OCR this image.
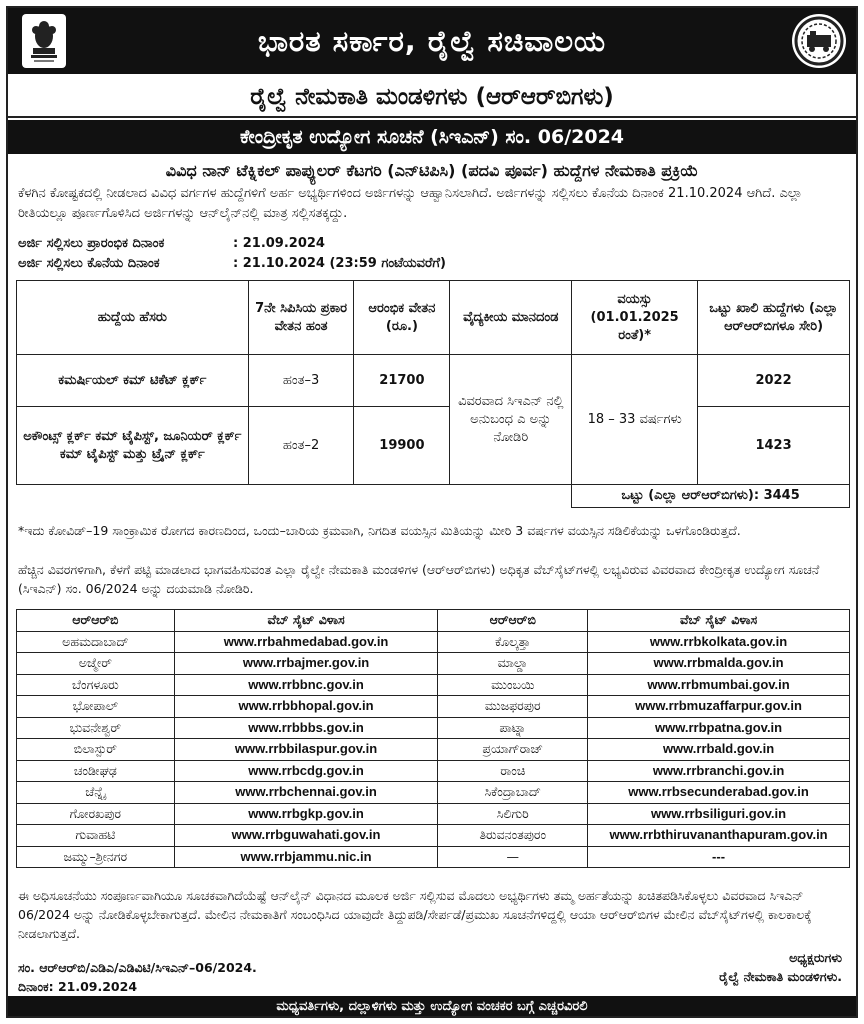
ಭಾರತ ಸರ್ಕಾರ, ರೈಲ್ವೆ ಸಚಿವಾಲಯ
ರೈಲ್ವೆ ನೇಮಕಾತಿ ಮಂಡಳಿಗಳು (ಆರ್‌ಆರ್‌ಬಿಗಳು)
ಕೇಂದ್ರೀಕೃತ ಉದ್ಯೋಗ ಸೂಚನೆ (ಸಿಇಎನ್) ಸಂ. 06/2024
ವಿವಿಧ ನಾನ್ ಟೆಕ್ನಿಕಲ್ ಪಾಪ್ಯುಲರ್ ಕೆಟಗರಿ (ಎನ್‌ಟಿಪಿಸಿ) (ಪದವಿ ಪೂರ್ವ) ಹುದ್ದೆಗಳ ನೇಮಕಾತಿ ಪ್ರಕ್ರಿಯೆ
ಕೆಳಗಿನ ಕೋಷ್ಟಕದಲ್ಲಿ ನೀಡಲಾದ ವಿವಿಧ ವರ್ಗಗಳ ಹುದ್ದೆಗಳಿಗೆ ಅರ್ಹ ಅಭ್ಯರ್ಥಿಗಳಿಂದ ಅರ್ಜಿಗಳನ್ನು ಆಹ್ವಾನಿಸಲಾಗಿದೆ. ಅರ್ಜಿಗಳನ್ನು ಸಲ್ಲಿಸಲು ಕೊನೆಯ ದಿನಾಂಕ 21.10.2024 ಆಗಿದೆ. ಎಲ್ಲಾ ರೀತಿಯಲ್ಲೂ ಪೂರ್ಣಗೊಳಿಸಿದ ಅರ್ಜಿಗಳನ್ನು ಆನ್‌ಲೈನ್‌ನಲ್ಲಿ ಮಾತ್ರ ಸಲ್ಲಿಸತಕ್ಕದ್ದು.
ಅರ್ಜಿ ಸಲ್ಲಿಸಲು ಪ್ರಾರಂಭಿಕ ದಿನಾಂಕ	: 21.09.2024
ಅರ್ಜಿ ಸಲ್ಲಿಸಲು ಕೊನೆಯ ದಿನಾಂಕ	: 21.10.2024 (23:59 ಗಂಟೆಯವರೆಗೆ)
ಹುದ್ದೆಯ ಹೆಸರು	7ನೇ ಸಿಪಿಸಿಯ ಪ್ರಕಾರ ವೇತನ ಹಂತ	ಆರಂಭಿಕ ವೇತನ (ರೂ.)	ವೈದ್ಯಕೀಯ ಮಾನದಂಡ	ವಯಸ್ಸು (01.01.2025 ರಂತೆ)*	ಒಟ್ಟು ಖಾಲಿ ಹುದ್ದೆಗಳು (ಎಲ್ಲಾ ಆರ್‌ಆರ್‌ಬಿಗಳೂ ಸೇರಿ)
ಕಮರ್ಷಿಯಲ್ ಕಮ್ ಟಿಕೆಟ್ ಕ್ಲರ್ಕ್	ಹಂತ–3	21700	ವಿವರವಾದ ಸಿಇಎನ್ ನಲ್ಲಿ ಅನುಬಂಧ ಎ ಅನ್ನು ನೋಡಿರಿ	18 – 33 ವರ್ಷಗಳು	2022
ಅಕೌಂಟ್ಸ್ ಕ್ಲರ್ಕ್ ಕಮ್ ಟೈಪಿಸ್ಟ್, ಜೂನಿಯರ್ ಕ್ಲರ್ಕ್ ಕಮ್ ಟೈಪಿಸ್ಟ್ ಮತ್ತು ಟ್ರೈನ್ ಕ್ಲರ್ಕ್	ಹಂತ–2	19900			1423
				ಒಟ್ಟು (ಎಲ್ಲಾ ಆರ್‌ಆರ್‌ಬಿಗಳು): 3445	
*ಇದು ಕೋವಿಡ್–19 ಸಾಂಕ್ರಾಮಿಕ ರೋಗದ ಕಾರಣದಿಂದ, ಒಂದು–ಬಾರಿಯ ಕ್ರಮವಾಗಿ, ನಿಗದಿತ ವಯಸ್ಸಿನ ಮಿತಿಯನ್ನು ಮೀರಿ 3 ವರ್ಷಗಳ ವಯಸ್ಸಿನ ಸಡಿಲಿಕೆಯನ್ನು ಒಳಗೊಂಡಿರುತ್ತದೆ.
ಹೆಚ್ಚಿನ ವಿವರಗಳಿಗಾಗಿ, ಕೆಳಗೆ ಪಟ್ಟಿ ಮಾಡಲಾದ ಭಾಗವಹಿಸುವಂತ ಎಲ್ಲಾ ರೈಲ್ವೇ ನೇಮಕಾತಿ ಮಂಡಳಿಗಳ (ಆರ್‌ಆರ್‌ಬಿಗಳು) ಅಧಿಕೃತ ವೆಬ್‌ಸೈಟ್‌ಗಳಲ್ಲಿ ಲಭ್ಯವಿರುವ ವಿವರವಾದ ಕೇಂದ್ರೀಕೃತ ಉದ್ಯೋಗ ಸೂಚನೆ (ಸಿಇಎನ್) ಸಂ. 06/2024 ಅನ್ನು ದಯಮಾಡಿ ನೋಡಿರಿ.
ಆರ್‌ಆರ್‌ಬಿ	ವೆಬ್ ಸೈಟ್ ವಿಳಾಸ	ಆರ್‌ಆರ್‌ಬಿ	ವೆಬ್ ಸೈಟ್ ವಿಳಾಸ
ಅಹಮದಾಬಾದ್	www.rrbahmedabad.gov.in	ಕೊಲ್ಕತ್ತಾ	www.rrbkolkata.gov.in
ಅಜ್ಮೇರ್	www.rrbajmer.gov.in	ಮಾಲ್ಡಾ	www.rrbmalda.gov.in
ಬೆಂಗಳೂರು	www.rrbbnc.gov.in	ಮುಂಬಯಿ	www.rrbmumbai.gov.in
ಭೋಪಾಲ್	www.rrbbhopal.gov.in	ಮುಜಫರಪುರ	www.rrbmuzaffarpur.gov.in
ಭುವನೇಶ್ವರ್	www.rrbbbs.gov.in	ಪಾಟ್ನಾ	www.rrbpatna.gov.in
ಬಿಲಾಸ್ಪುರ್	www.rrbbilaspur.gov.in	ಪ್ರಯಾಗ್‌ರಾಜ್	www.rrbald.gov.in
ಚಂಡೀಘಢ	www.rrbcdg.gov.in	ರಾಂಚಿ	www.rrbranchi.gov.in
ಚೆನ್ನೈ	www.rrbchennai.gov.in	ಸಿಕೆಂದ್ರಾಬಾದ್	www.rrbsecunderabad.gov.in
ಗೋರಖಪುರ	www.rrbgkp.gov.in	ಸಿಲಿಗುರಿ	www.rrbsiliguri.gov.in
ಗುವಾಹಟಿ	www.rrbguwahati.gov.in	ತಿರುವನಂತಪುರಂ	www.rrbthiruvananthapuram.gov.in
ಜಮ್ಮು–ಶ್ರೀನಗರ	www.rrbjammu.nic.in	—	---
ಈ ಅಧಿಸೂಚನೆಯು ಸಂಪೂರ್ಣವಾಗಿಯೂ ಸೂಚಕವಾಗಿದೆಯೆಷ್ಟೆ ಆನ್‌ಲೈನ್ ವಿಧಾನದ ಮೂಲಕ ಅರ್ಜಿ ಸಲ್ಲಿಸುವ ಮೊದಲು ಅಭ್ಯರ್ಥಿಗಳು ತಮ್ಮ ಅರ್ಹತೆಯನ್ನು ಖಚಿತಪಡಿಸಿಕೊಳ್ಳಲು ವಿವರವಾದ ಸಿಇಎನ್ 06/2024 ಅನ್ನು ನೋಡಿಕೊಳ್ಳಬೇಕಾಗುತ್ತದೆ. ಮೇಲಿನ ನೇಮಕಾತಿಗೆ ಸಂಬಂಧಿಸಿದ ಯಾವುದೇ ತಿದ್ದುಪಡಿ/ಸೇರ್ಪಡೆ/ಪ್ರಮುಖ ಸೂಚನೆಗಳಿದ್ದಲ್ಲಿ ಆಯಾ ಆರ್‌ಆರ್‌ಬಿಗಳ ಮೇಲಿನ ವೆಬ್‌ಸೈಟ್‌ಗಳಲ್ಲಿ ಕಾಲಕಾಲಕ್ಕೆ ನೀಡಲಾಗುತ್ತದೆ.
ಸಂ. ಆರ್‌ಆರ್‌ಬಿ/ಎಡಿಎ/ಎಡಿವಿಟಿ/ಸಿಇಎನ್–06/2024.
ದಿನಾಂಕ: 21.09.2024
ಅಧ್ಯಕ್ಷರುಗಳು
ರೈಲ್ವೆ ನೇಮಕಾತಿ ಮಂಡಳಿಗಳು.
ಮಧ್ಯವರ್ತಿಗಳು, ದಲ್ಲಾಳಿಗಳು ಮತ್ತು ಉದ್ಯೋಗ ವಂಚಕರ ಬಗ್ಗೆ ಎಚ್ಚರವಿರಲಿ
